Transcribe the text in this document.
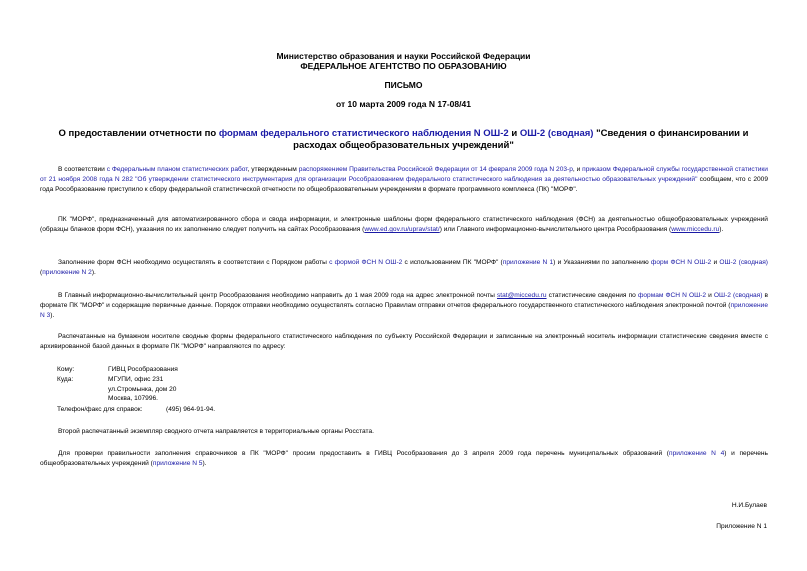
Министерство образования и науки Российской Федерации
ФЕДЕРАЛЬНОЕ АГЕНТСТВО ПО ОБРАЗОВАНИЮ
ПИСЬМО
от 10 марта 2009 года N 17-08/41
О предоставлении отчетности по формам федерального статистического наблюдения N ОШ-2 и ОШ-2 (сводная) "Сведения о финансировании и расходах общеобразовательных учреждений"

В соответствии с Федеральным планом статистических работ, утвержденным распоряжением Правительства Российской Федерации от 14 февраля 2009 года N 203-р, и приказом Федеральной службы государственной статистики от 21 ноября 2008 года N 282 "Об утверждении статистического инструментария для организации Рособразованием федерального статистического наблюдения за деятельностью образовательных учреждений" сообщаем, что с 2009 года Рособразование приступило к сбору федеральной статистической отчетности по общеобразовательным учреждениям в формате программного комплекса (ПК) "МОРФ".

ПК "МОРФ", предназначенный для автоматизированного сбора и свода информации, и электронные шаблоны форм федерального статистического наблюдения (ФСН) за деятельностью общеобразовательных учреждений (образцы бланков форм ФСН), указания по их заполнению следует получить на сайтах Рособразования (www.ed.gov.ru/uprav/stat/) или Главного информационно-вычислительного центра Рособразования (www.miccedu.ru).

Заполнение форм ФСН необходимо осуществлять в соответствии с Порядком работы с формой ФСН N ОШ-2 с использованием ПК "МОРФ" (приложение N 1) и Указаниями по заполнению форм ФСН N ОШ-2 и ОШ-2 (сводная) (приложение N 2).

В Главный информационно-вычислительный центр Рособразования необходимо направить до 1 мая 2009 года на адрес электронной почты stat@miccedu.ru статистические сведения по формам ФСН N ОШ-2 и ОШ-2 (сводная) в формате ПК "МОРФ" и содержащие первичные данные. Порядок отправки необходимо осуществлять согласно Правилам отправки отчетов федерального государственного статистического наблюдения электронной почтой (приложение N 3).

Распечатанные на бумажном носителе сводные формы федерального статистического наблюдения по субъекту Российской Федерации и записанные на электронный носитель информации статистические сведения вместе с архивированной базой данных в формате ПК "МОРФ" направляются по адресу:

Кому:	ГИВЦ Рособразования
Куда:	МГУПИ, офис 231
ул.Стромынка, дом 20
Москва, 107996.
Телефон/факс для справок:	(495) 964-91-94.

Второй распечатанный экземпляр сводного отчета направляется в территориальные органы Росстата.

Для проверки правильности заполнения справочников в ПК "МОРФ" просим предоставить в ГИВЦ Рособразования до 3 апреля 2009 года перечень муниципальных образований (приложение N 4) и перечень общеобразовательных учреждений (приложение N 5).

Н.И.Булаев
Приложение N 1
